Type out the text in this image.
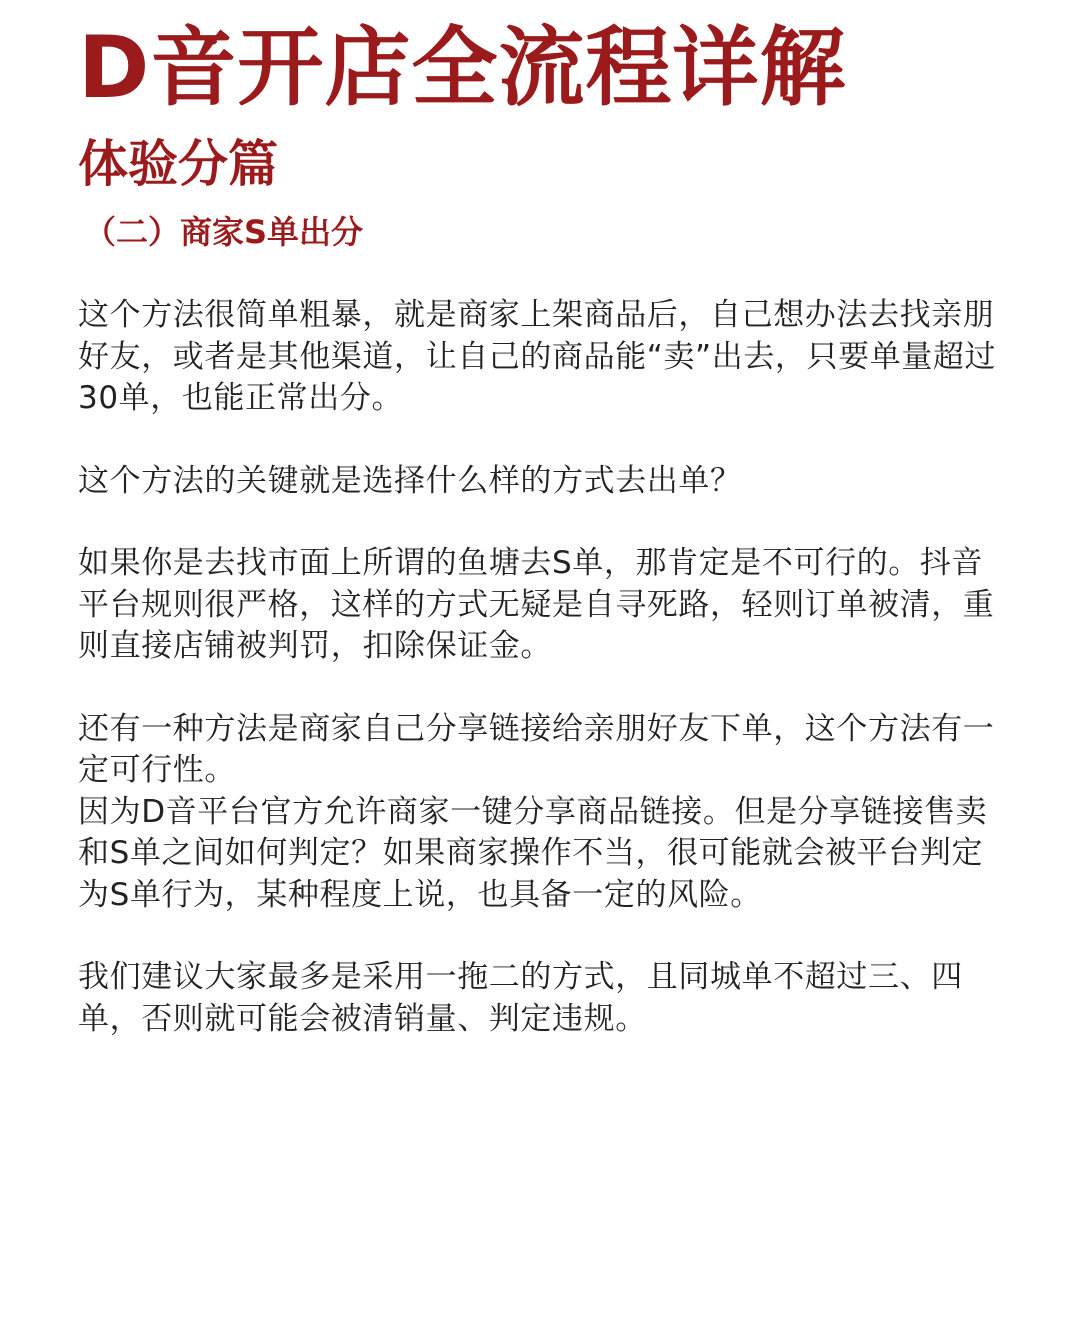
D音开店全流程详解
体验分篇
（二）商家S单出分

这个方法很简单粗暴，就是商家上架商品后，自己想办法去找亲朋好友，或者是其他渠道，让自己的商品能“卖”出去，只要单量超过30单，也能正常出分。

这个方法的关键就是选择什么样的方式去出单？

如果你是去找市面上所谓的鱼塘去S单，那肯定是不可行的。抖音平台规则很严格，这样的方式无疑是自寻死路，轻则订单被清，重则直接店铺被判罚，扣除保证金。

还有一种方法是商家自己分享链接给亲朋好友下单，这个方法有一定可行性。

因为D音平台官方允许商家一键分享商品链接。但是分享链接售卖和S单之间如何判定？如果商家操作不当，很可能就会被平台判定为S单行为，某种程度上说，也具备一定的风险。

我们建议大家最多是采用一拖二的方式，且同城单不超过三、四单，否则就可能会被清销量、判定违规。
